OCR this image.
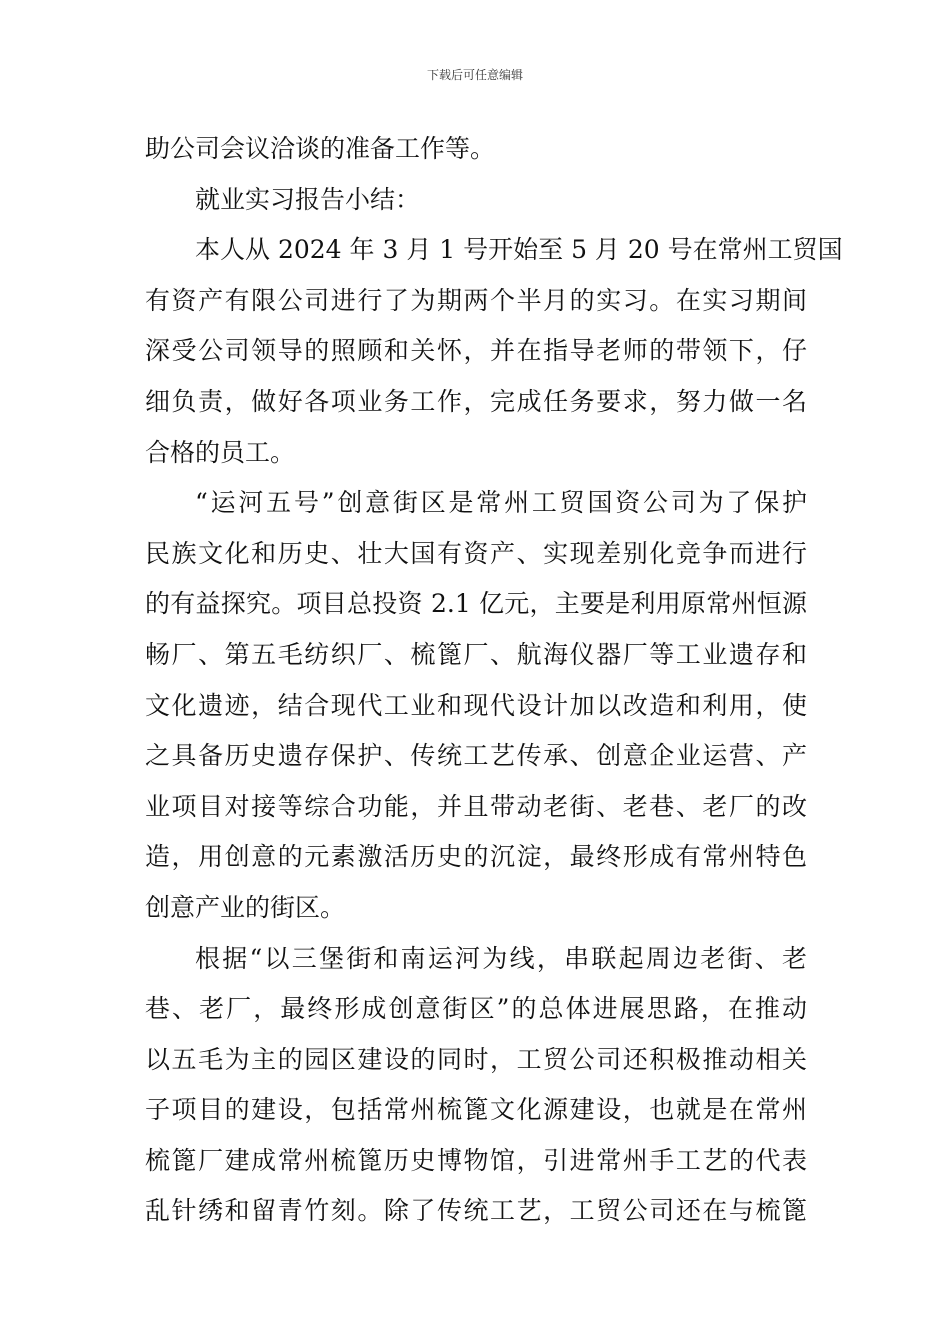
下载后可任意编辑
助公司会议洽谈的准备工作等。
就业实习报告小结：
本人从 2024 年 3 月 1 号开始至 5 月 20 号在常州工贸国
有资产有限公司进行了为期两个半月的实习。在实习期间
深受公司领导的照顾和关怀，并在指导老师的带领下，仔
细负责，做好各项业务工作，完成任务要求，努力做一名
合格的员工。
“运河五号”创意街区是常州工贸国资公司为了保护
民族文化和历史、壮大国有资产、实现差别化竞争而进行
的有益探究。项目总投资 2.1 亿元，主要是利用原常州恒源
畅厂、第五毛纺织厂、梳篦厂、航海仪器厂等工业遗存和
文化遗迹，结合现代工业和现代设计加以改造和利用，使
之具备历史遗存保护、传统工艺传承、创意企业运营、产
业项目对接等综合功能，并且带动老街、老巷、老厂的改
造，用创意的元素激活历史的沉淀，最终形成有常州特色
创意产业的街区。
根据“以三堡街和南运河为线，串联起周边老街、老
巷、老厂，最终形成创意街区”的总体进展思路，在推动
以五毛为主的园区建设的同时，工贸公司还积极推动相关
子项目的建设，包括常州梳篦文化源建设，也就是在常州
梳篦厂建成常州梳篦历史博物馆，引进常州手工艺的代表
乱针绣和留青竹刻。除了传统工艺，工贸公司还在与梳篦
